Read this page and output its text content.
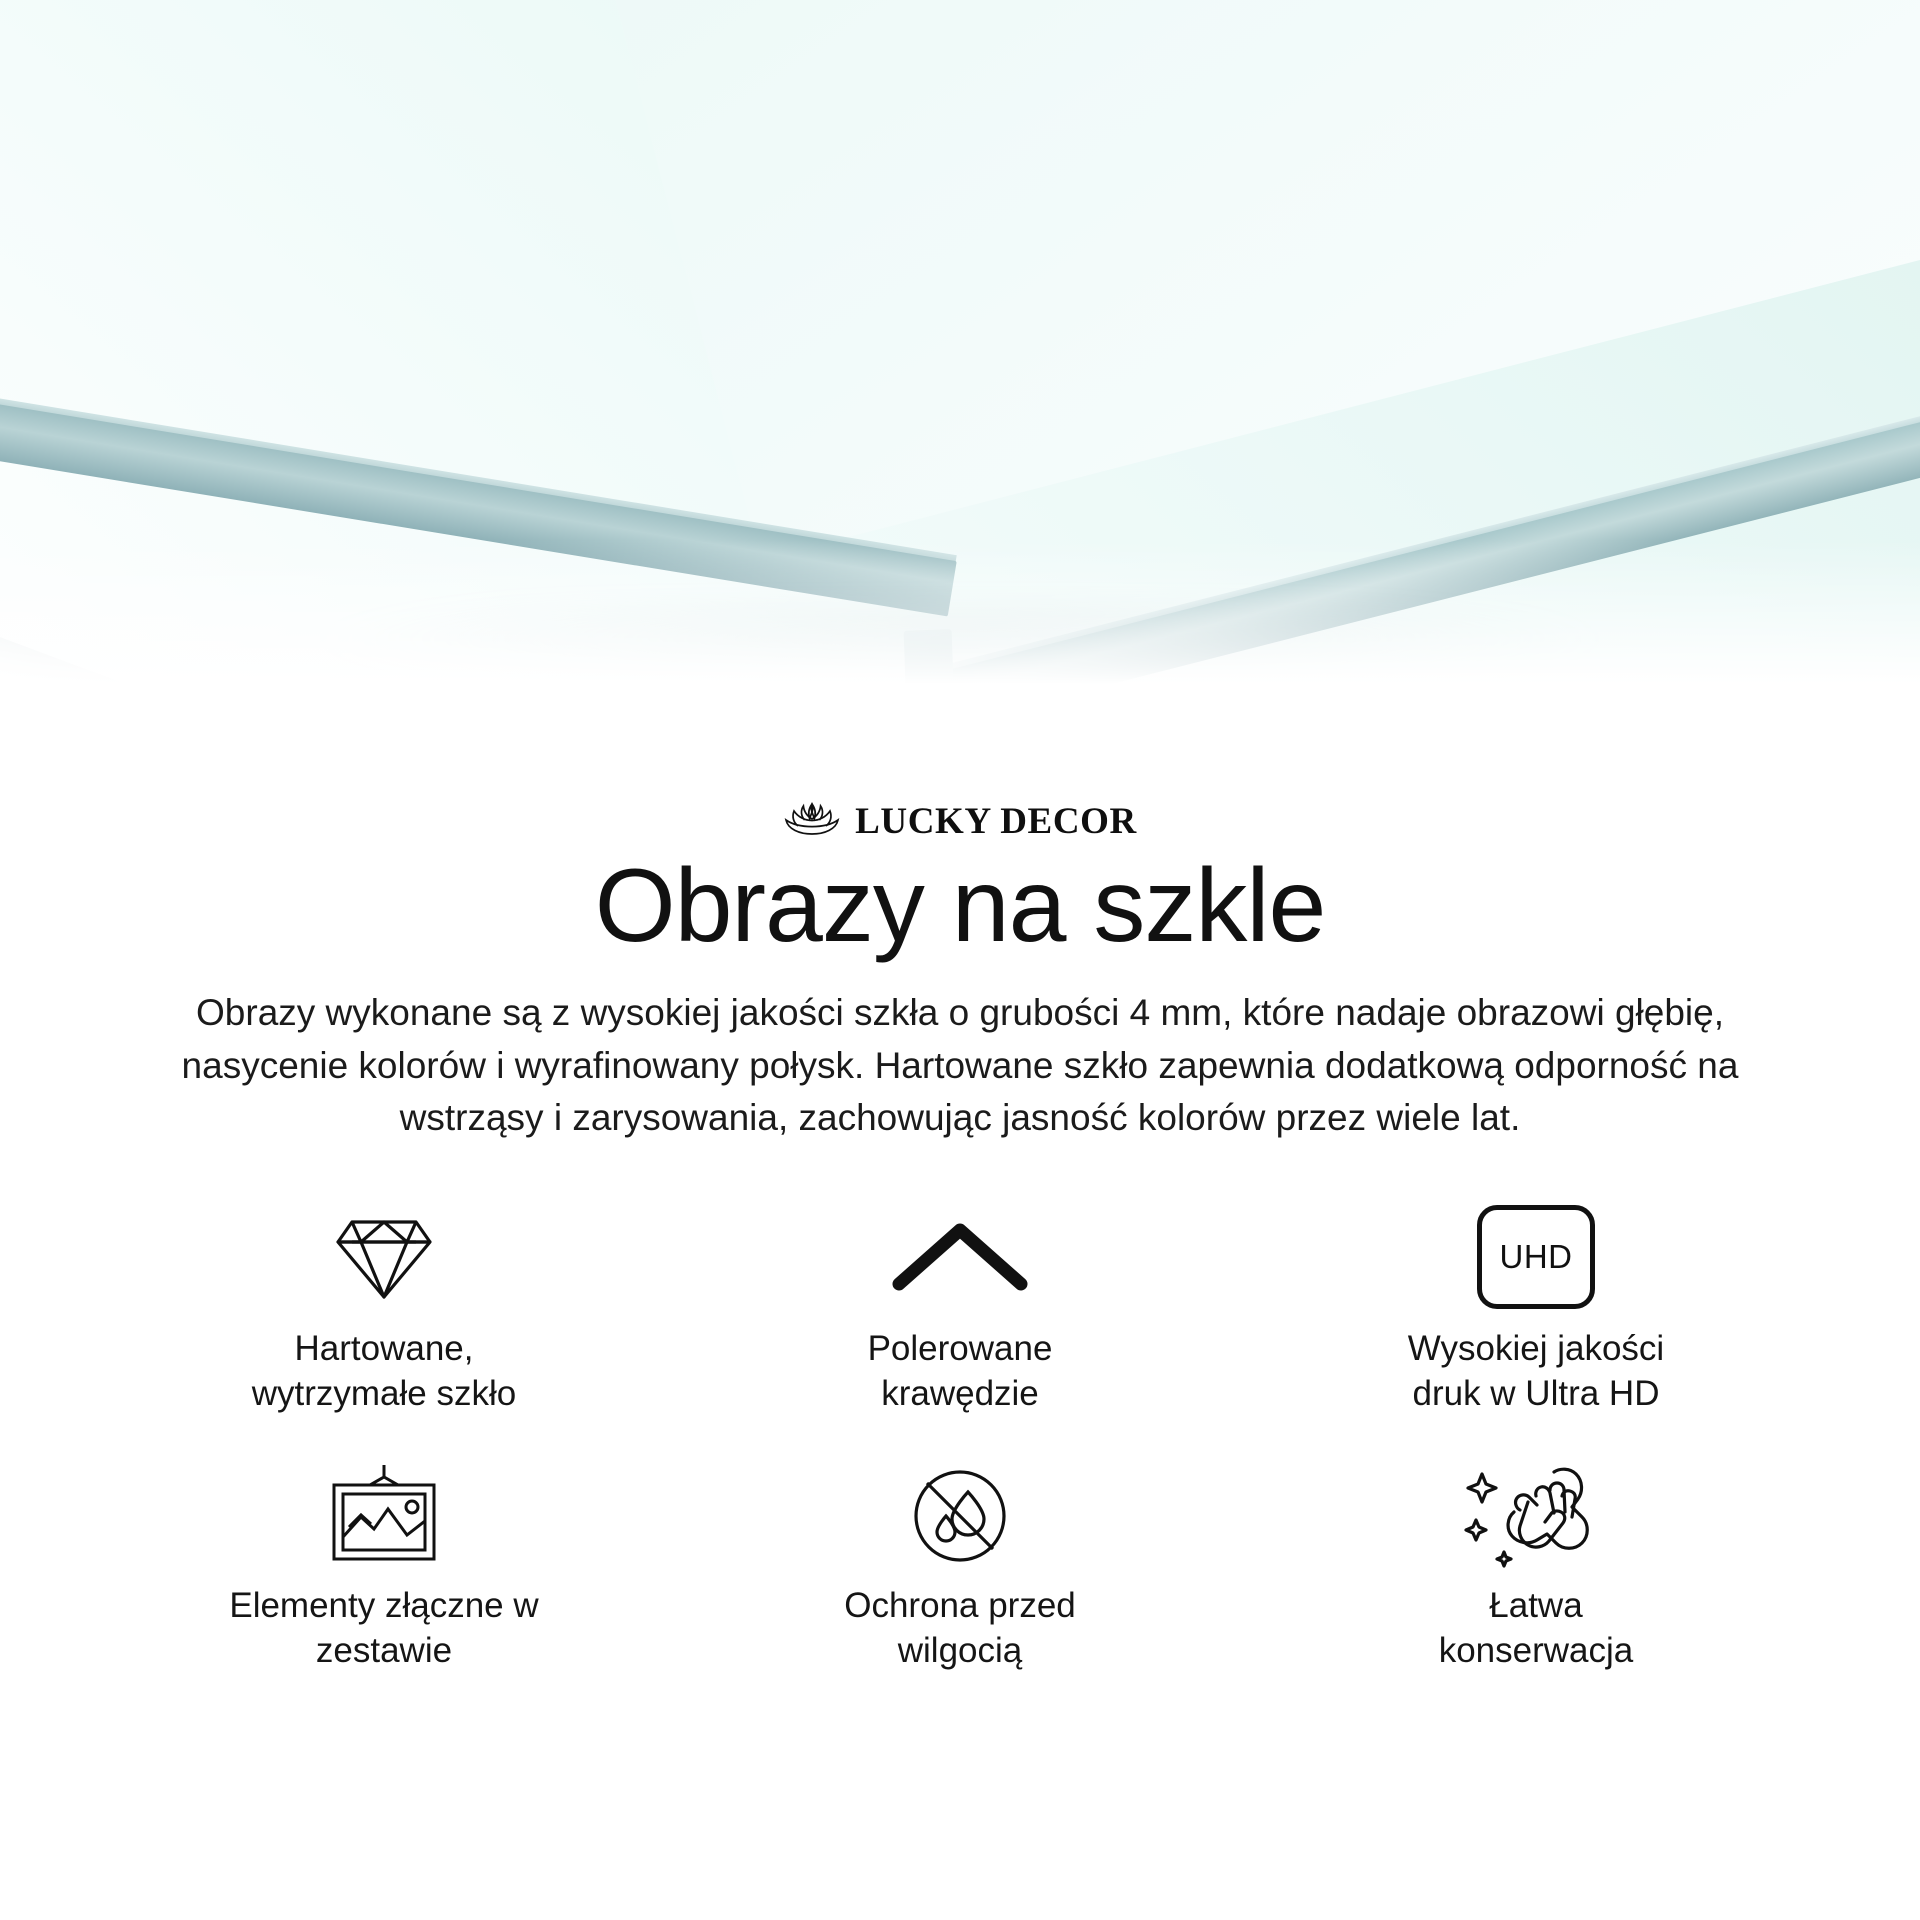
LUCKY DECOR
Obrazy na szkle

Obrazy wykonane są z wysokiej jakości szkła o grubości 4 mm, które nadaje obrazowi głębię, nasycenie kolorów i wyrafinowany połysk. Hartowane szkło zapewnia dodatkową odporność na wstrząsy i zarysowania, zachowując jasność kolorów przez wiele lat.

Hartowane,
wytrzymałe szkło
Polerowane
krawędzie
UHD
Wysokiej jakości
druk w Ultra HD
Elementy złączne w
zestawie
Ochrona przed
wilgocią
Łatwa
konserwacja
